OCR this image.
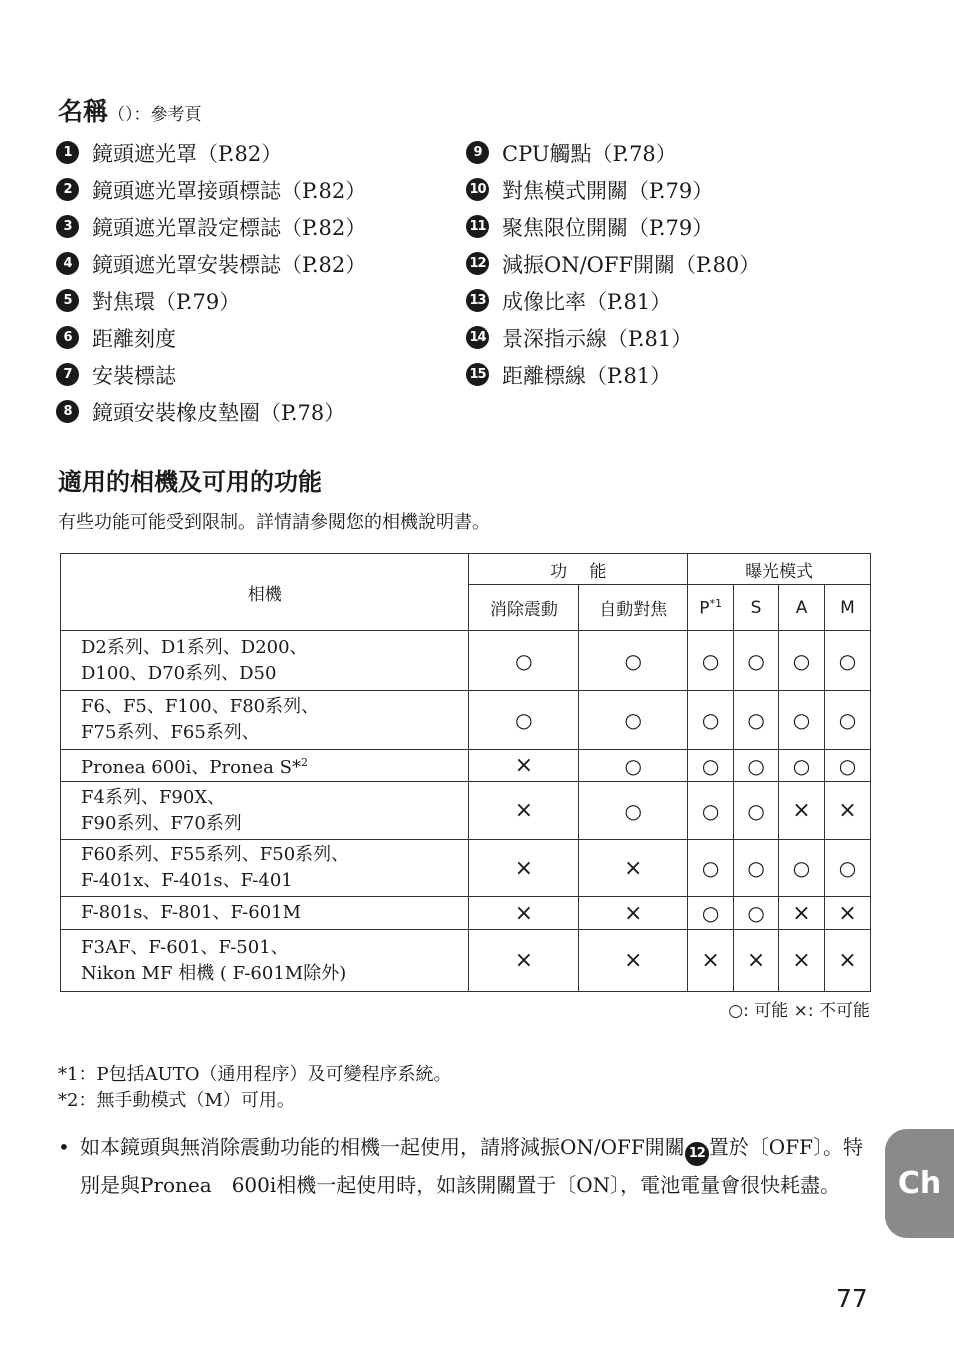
名稱（）：參考頁
1 鏡頭遮光罩（P.82）
2 鏡頭遮光罩接頭標誌（P.82）
3 鏡頭遮光罩設定標誌（P.82）
4 鏡頭遮光罩安裝標誌（P.82）
5 對焦環（P.79）
6 距離刻度
7 安裝標誌
8 鏡頭安裝橡皮墊圈（P.78）
9 CPU觸點（P.78）
10 對焦模式開關（P.79）
11 聚焦限位開關（P.79）
12 減振ON/OFF開關（P.80）
13 成像比率（P.81）
14 景深指示線（P.81）
15 距離標線（P.81）
適用的相機及可用的功能
有些功能可能受到限制。詳情請參閱您的相機說明書。
相機	功　 能		曝光模式			
	消除震動	自動對焦	$P^{*1}$	S	A	M

D2系列、D1系列、D200、
D100、D70系列、D50	○	○	○	○	○	○

F6、F5、F100、F80系列、
F75系列、F65系列、	○	○	○	○	○	○

Pronea 600i、Pronea S*$^2$	×	○	○	○	○	○

F4系列、F90X、
F90系列、F70系列	×	○	○	○	×	×

F60系列、F55系列、F50系列、
F-401x、F-401s、F-401	×	×	○	○	○	○

F-801s、F-801、F-601M	×	×	○	○	×	×

F3AF、F-601、F-501、
Nikon MF 相機 ( F-601M除外)	×	×	×	×	×	×
○: 可能 ×: 不可能
*1：P包括AUTO（通用程序）及可變程序系統。
*2：無手動模式（M）可用。
• 如本鏡頭與無消除震動功能的相機一起使用，請將減振ON/OFF開關 12 置於〔OFF〕。特別是與Pronea　600i相機一起使用時，如該開關置于〔ON〕，電池電量會很快耗盡。	Ch
77
